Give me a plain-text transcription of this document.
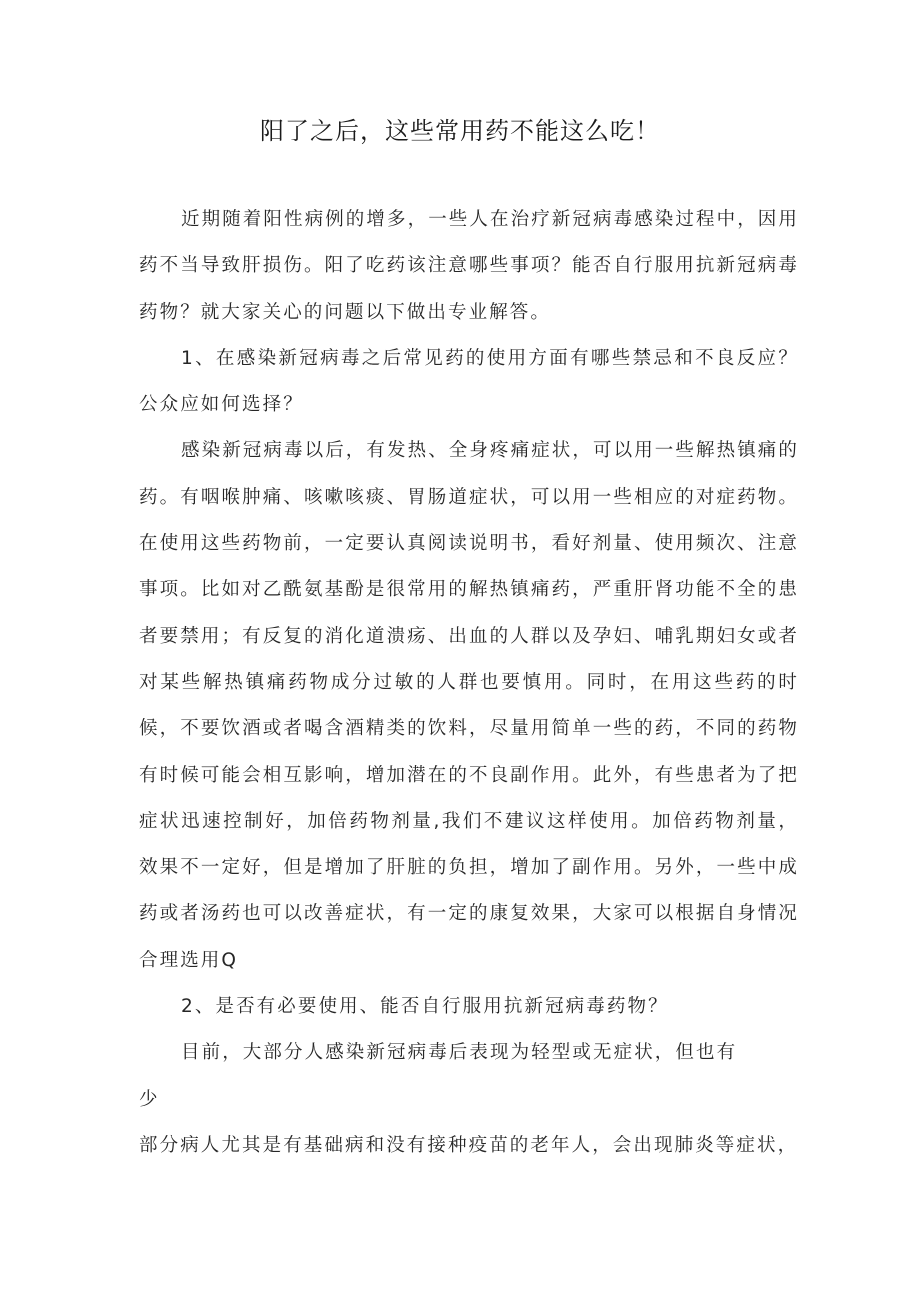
阳了之后，这些常用药不能这么吃！

近期随着阳性病例的增多，一些人在治疗新冠病毒感染过程中，因用药不当导致肝损伤。阳了吃药该注意哪些事项？能否自行服用抗新冠病毒药物？就大家关心的问题以下做出专业解答。

1、在感染新冠病毒之后常见药的使用方面有哪些禁忌和不良反应？公众应如何选择？

感染新冠病毒以后，有发热、全身疼痛症状，可以用一些解热镇痛的药。有咽喉肿痛、咳嗽咳痰、胃肠道症状，可以用一些相应的对症药物。在使用这些药物前，一定要认真阅读说明书，看好剂量、使用频次、注意事项。比如对乙酰氨基酚是很常用的解热镇痛药，严重肝肾功能不全的患者要禁用；有反复的消化道溃疡、出血的人群以及孕妇、哺乳期妇女或者对某些解热镇痛药物成分过敏的人群也要慎用。同时，在用这些药的时候，不要饮酒或者喝含酒精类的饮料，尽量用简单一些的药，不同的药物有时候可能会相互影响，增加潜在的不良副作用。此外，有些患者为了把症状迅速控制好，加倍药物剂量,我们不建议这样使用。加倍药物剂量，效果不一定好，但是增加了肝脏的负担，增加了副作用。另外，一些中成药或者汤药也可以改善症状，有一定的康复效果，大家可以根据自身情况合理选用Q

2、是否有必要使用、能否自行服用抗新冠病毒药物？

目前，大部分人感染新冠病毒后表现为轻型或无症状，但也有少

部分病人尤其是有基础病和没有接种疫苗的老年人，会出现肺炎等症状，
